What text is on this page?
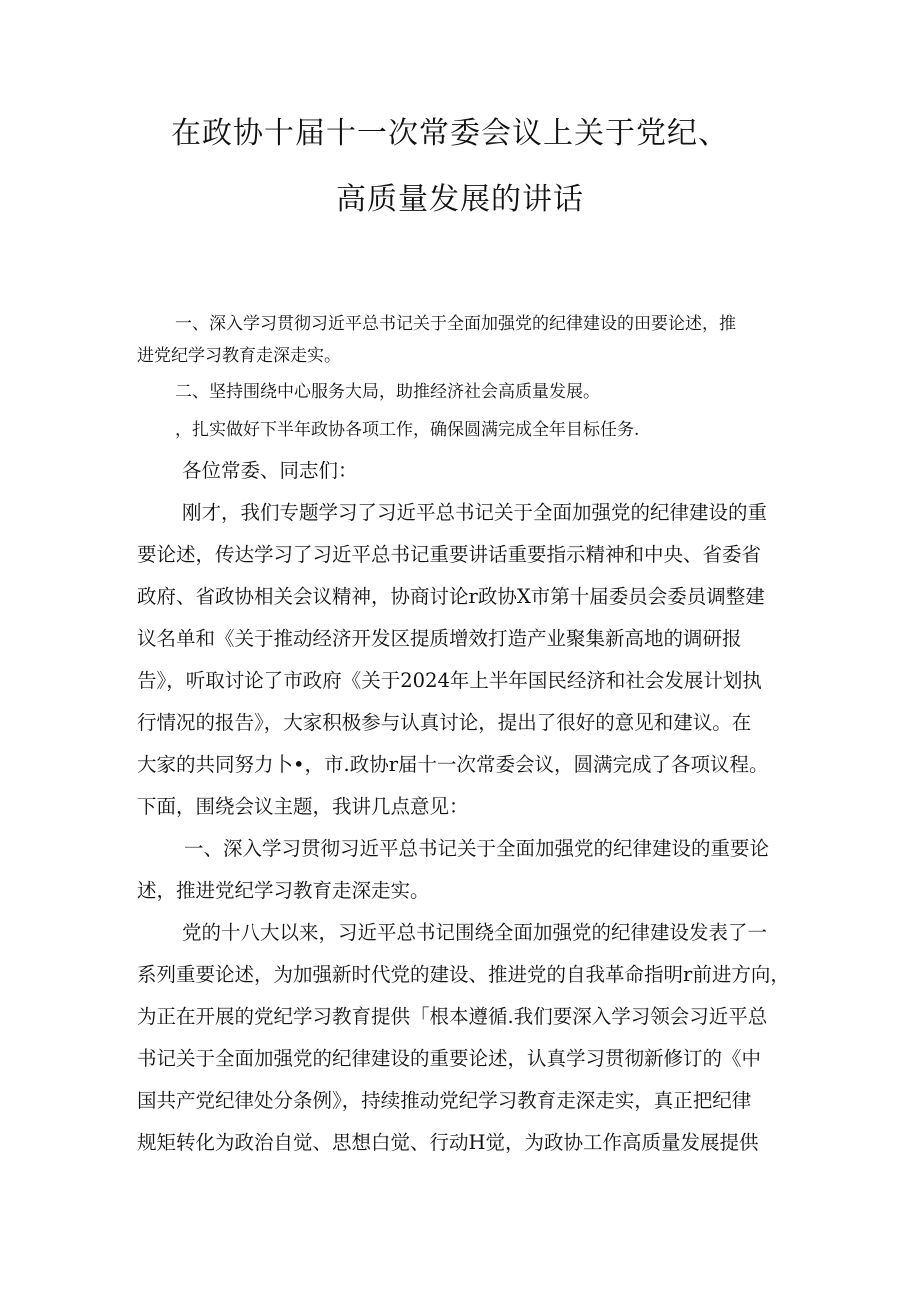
在政协十届十一次常委会议上关于党纪、
高质量发展的讲话
一、深入学习贯彻习近平总书记关于全面加强党的纪律建设的田要论述，推
进党纪学习教育走深走实。
二、坚持围绕中心服务大局，助推经济社会高质量发展。
，扎实做好下半年政协各项工作，确保圆满完成全年目标任务.
各位常委、同志们：
刚才，我们专题学习了习近平总书记关于全面加强党的纪律建设的重
要论述，传达学习了习近平总书记重要讲话重要指示精神和中央、省委省
政府、省政协相关会议精神，协商讨论r政协X市第十届委员会委员调整建
议名单和《关于推动经济开发区提质增效打造产业聚集新高地的调研报
告》，听取讨论了市政府《关于2024年上半年国民经济和社会发展计划执
行情况的报告》，大家积极参与认真讨论，提出了很好的意见和建议。在
大家的共同努力卜•，市.政协r届十一次常委会议，圆满完成了各项议程。
下面，围绕会议主题，我讲几点意见：
一、深入学习贯彻习近平总书记关于全面加强党的纪律建设的重要论
述，推进党纪学习教育走深走实。
党的十八大以来，习近平总书记围绕全面加强党的纪律建设发表了一
系列重要论述，为加强新时代党的建设、推进党的自我革命指明r前进方向，
为正在开展的党纪学习教育提供「根本遵循.我们要深入学习领会习近平总
书记关于全面加强党的纪律建设的重要论述，认真学习贯彻新修订的《中
国共产党纪律处分条例》，持续推动党纪学习教育走深走实，真正把纪律
规矩转化为政治自觉、思想白觉、行动H觉，为政协工作高质量发展提供
